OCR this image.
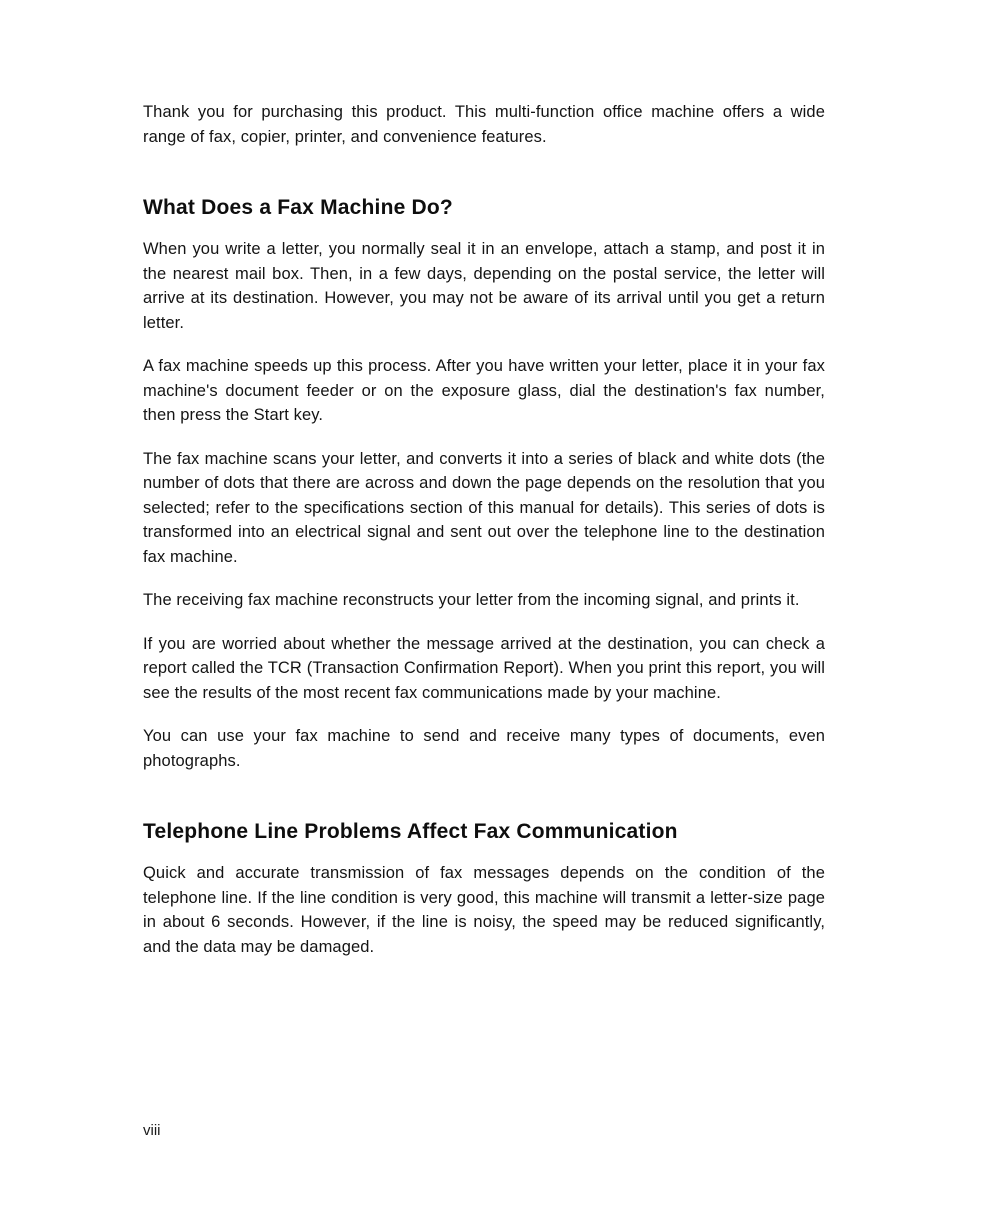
Thank you for purchasing this product. This multi-function office machine offers a wide range of fax, copier, printer, and convenience features.

What Does a Fax Machine Do?

When you write a letter, you normally seal it in an envelope, attach a stamp, and post it in the nearest mail box. Then, in a few days, depending on the postal service, the letter will arrive at its destination. However, you may not be aware of its arrival until you get a return letter.

A fax machine speeds up this process. After you have written your letter, place it in your fax machine's document feeder or on the exposure glass, dial the destination's fax number, then press the Start key.

The fax machine scans your letter, and converts it into a series of black and white dots (the number of dots that there are across and down the page depends on the resolution that you selected; refer to the specifications section of this manual for details). This series of dots is transformed into an electrical signal and sent out over the telephone line to the destination fax machine.

The receiving fax machine reconstructs your letter from the incoming signal, and prints it.

If you are worried about whether the message arrived at the destination, you can check a report called the TCR (Transaction Confirmation Report). When you print this report, you will see the results of the most recent fax communications made by your machine.

You can use your fax machine to send and receive many types of documents, even photographs.

Telephone Line Problems Affect Fax Communication

Quick and accurate transmission of fax messages depends on the condition of the telephone line. If the line condition is very good, this machine will transmit a letter-size page in about 6 seconds. However, if the line is noisy, the speed may be reduced significantly, and the data may be damaged.

viii
